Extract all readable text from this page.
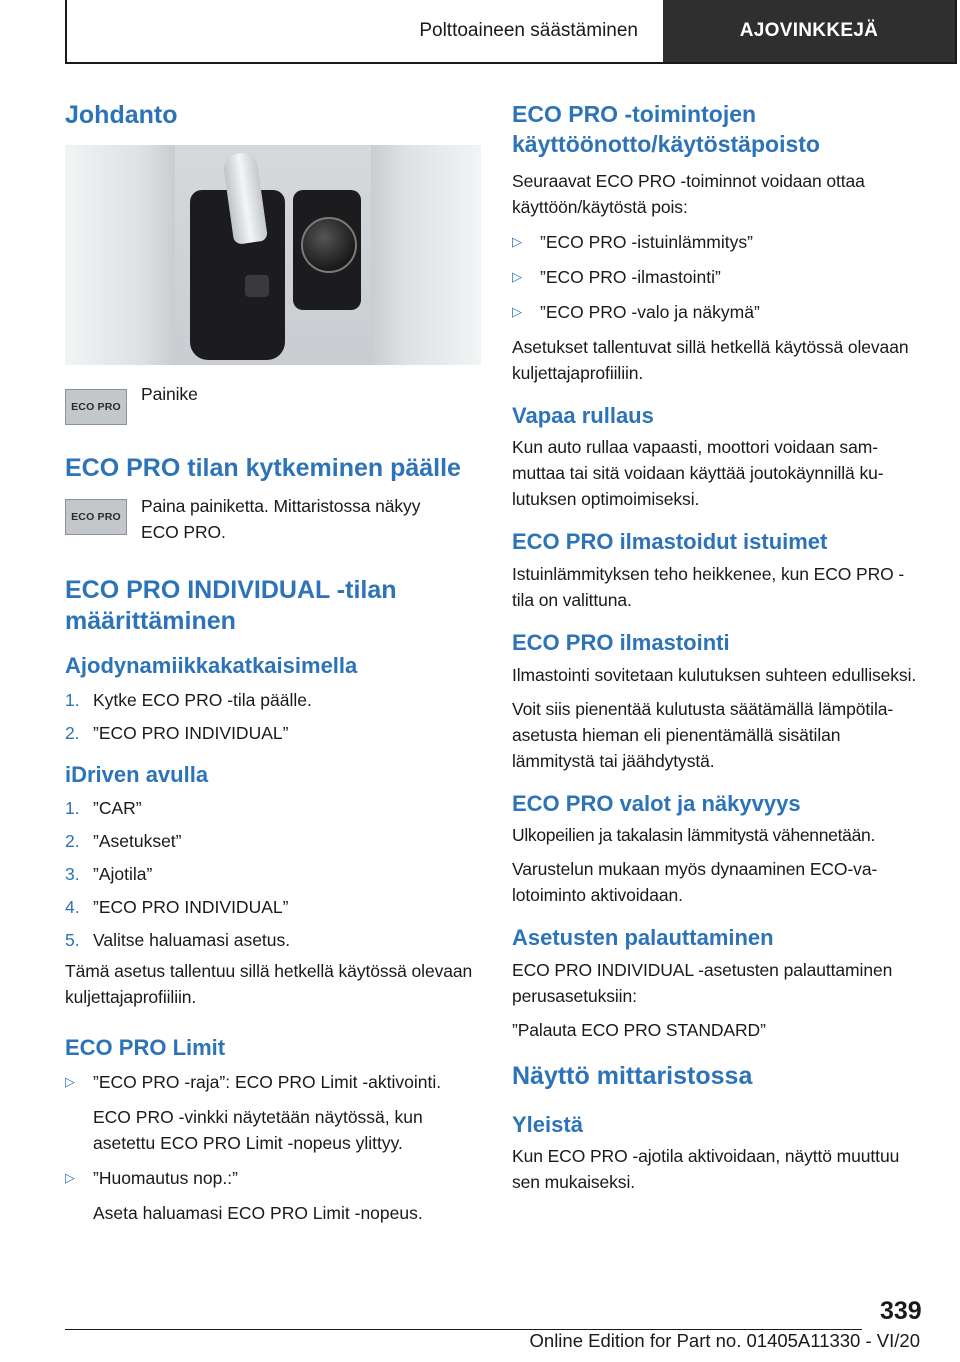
Polttoaineen säästäminen	AJOVINKKEJÄ
Johdanto
ECO PRO
Painike
ECO PRO tilan kytkeminen päälle
ECO PRO
Paina painiketta. Mittaristossa näkyy ECO PRO.
ECO PRO INDIVIDUAL -tilan määrittäminen
Ajodynamiikkakatkaisimella
1. Kytke ECO PRO -tila päälle.
2. ”ECO PRO INDIVIDUAL”
iDriven avulla
1. ”CAR”
2. ”Asetukset”
3. ”Ajotila”
4. ”ECO PRO INDIVIDUAL”
5. Valitse haluamasi asetus.

Tämä asetus tallentuu sillä hetkellä käytössä olevaan kuljettajaprofiiliin.

ECO PRO Limit
▷	”ECO PRO -raja”: ECO PRO Limit -aktivointi.
ECO PRO -vinkki näytetään näytössä, kun asetettu ECO PRO Limit -nopeus ylittyy.
▷	”Huomautus nop.:”
Aseta haluamasi ECO PRO Limit -nopeus.
ECO PRO -toimintojen käyttöönotto/käytöstäpoisto

Seuraavat ECO PRO -toiminnot voidaan ottaa käyttöön/käytöstä pois:

▷	”ECO PRO -istuinlämmitys”
▷	”ECO PRO -ilmastointi”
▷	”ECO PRO -valo ja näkymä”

Asetukset tallentuvat sillä hetkellä käytössä olevaan kuljettajaprofiiliin.

Vapaa rullaus

Kun auto rullaa vapaasti, moottori voidaan sammuttaa tai sitä voidaan käyttää joutokäynnillä kulutuksen optimoimiseksi.

ECO PRO ilmastoidut istuimet

Istuinlämmityksen teho heikkenee, kun ECO PRO -tila on valittuna.

ECO PRO ilmastointi

Ilmastointi sovitetaan kulutuksen suhteen edulliseksi.

Voit siis pienentää kulutusta säätämällä lämpötila-asetusta hieman eli pienentämällä sisätilan lämmitystä tai jäähdytystä.

ECO PRO valot ja näkyvyys

Ulkopeilien ja takalasin lämmitystä vähennetään.

Varustelun mukaan myös dynaaminen ECO-valotoiminto aktivoidaan.

Asetusten palauttaminen

ECO PRO INDIVIDUAL -asetusten palauttaminen perusasetuksiin:

”Palauta ECO PRO STANDARD”

Näyttö mittaristossa
Yleistä

Kun ECO PRO -ajotila aktivoidaan, näyttö muuttuu sen mukaiseksi.

339
Online Edition for Part no. 01405A11330 - VI/20
